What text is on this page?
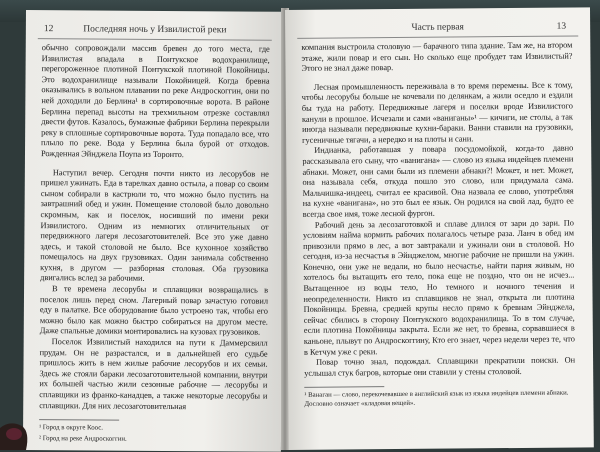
12	Последняя ночь у Извилистой реки

обычно сопровождали массив бревен до того места, где Извилистая впадала в Понтукское водохранилище, перегороженное плотиной Понтукской плотиной Покойницы. Это водохранилище называли Покойницей. Когда бревна оказывались в вольном плавании по реке Андроскоггин, они по ней доходили до Берлина¹ в сортировочные ворота. В районе Берлина перепад высоты на трехмильном отрезке составлял двести футов. Казалось, бумажные фабрики Берлина перекрыли реку в сплошные сортировочные ворота. Туда попадало все, что плыло по реке. Вода у Берлина была бурой от отходов. Рожденная Эйнджела Поупа из Торонто.

Наступил вечер. Сегодня почти никто из лесорубов не пришел ужинать. Еда в тарелках давно остыла, а повар со своим сыном собирали в кастрюли то, что можно было пустить на завтрашний обед и ужин. Помещение столовой было довольно скромным, как и поселок, носивший по имени реки Извилистого. Одним из немногих отличительных от передвижного лагеря лесозаготовителей. Все это уже давно здесь, и такой столовой не было. Все кухонное хозяйство помещалось на двух грузовиках. Один занимала собственно кухня, в другом — разборная столовая. Оба грузовика двигались вслед за рабочими.

В те времена лесорубы и сплавщики возвращались в поселок лишь перед сном. Лагерный повар зачастую готовил еду в палатке. Все оборудование было устроено так, чтобы его можно было как можно быстро собираться на другом месте. Даже спальные домики монтировались на кузовах грузовиков.

Поселок Извилистый находился на пути к Даммерсвилл прудам. Он не разрастался, и в дальнейшей его судьбе пришлось жить в нем жилые рабочие лесорубов и их семьи. Здесь же стояли бараки лесозаготовительной компании, внутри их большей частью жили сезонные рабочие — лесорубы и сплавщики из франко-канадцев, а также некоторые лесорубы и сплавщики. Для них лесозаготовительная

¹ Город в округе Коос.
² Город на реке Андроскоггин.
Часть первая	13

компания выстроила столовую — барачного типа здание. Там же, на втором этаже, жили повар и его сын. Но сколько еще пробудет там Извилистый? Этого не знал даже повар.

Лесная промышленность переживала в то время перемены. Все к тому, чтобы лесорубы больше не кочевали по делянкам, а жили оседло и ездили бы туда на работу. Передвижные лагеря и поселки вроде Извилистого канули в прошлое. Исчезали и сами «ваниганы»¹ — кичиги, не столы, а так иногда называли передвижные кухни-бараки. Ванни ставили на грузовики, гусеничные тягачи, а нередко и на плоты и сани.

Индианка, работавшая у повара посудомойкой, когда-то давно рассказывала его сыну, что «ванигана» — слово из языка индейцев племени абнаки. Может, они сами были из племени абнаки?! Может, и нет. Может, она называла себя, откуда пошло это слово, или придумала сама. Мальчишка-индеец, считал ее красивой. Она назвала ее слово, употребляя на кухне «ванигана», но это был ее язык. Он родился на свой лад, будто ее всегда свое имя, тоже лесной фургон.

Рабочий день за лесозаготовкой и сплаве длился от зари до зари. По условиям найма кормить рабочих полагалось четыре раза. Ланч в обед им привозили прямо в лес, а вот завтракали и ужинали они в столовой. Но сегодня, из-за несчастья в Эйнджелом, многие рабочие не пришли на ужин. Конечно, они уже не ведали, но было несчастье, найти парня живым, но хотелось бы вытащить его тело, пока еще не поздно, что он не исчез... Вытащенное из воды тело, Но темного и ночного течения и неопределенности. Никто из сплавщиков не знал, открыта ли плотина Покойницы. Бревна, средней крупы несло прямо к бревнам Эйнджела, сейчас сбились в сторону Понтукского водохранилища. То в том случае, если плотина Покойницы закрыта. Если же нет, то бревна, сорвавшиеся в каньоне, плывут по Андроскоггину, Кто его знает, через недели через те, что в Кетчум уже с реки.

Повар точно знал, подождал. Сплавщики прекратили поиски. Он услышал стук багров, которые они ставили у стены столовой.

¹ Ванаган — слово, перекочевавшее в английский язык из языка индейцев племени абнаки. Дословно означает «кладовая вещей».
